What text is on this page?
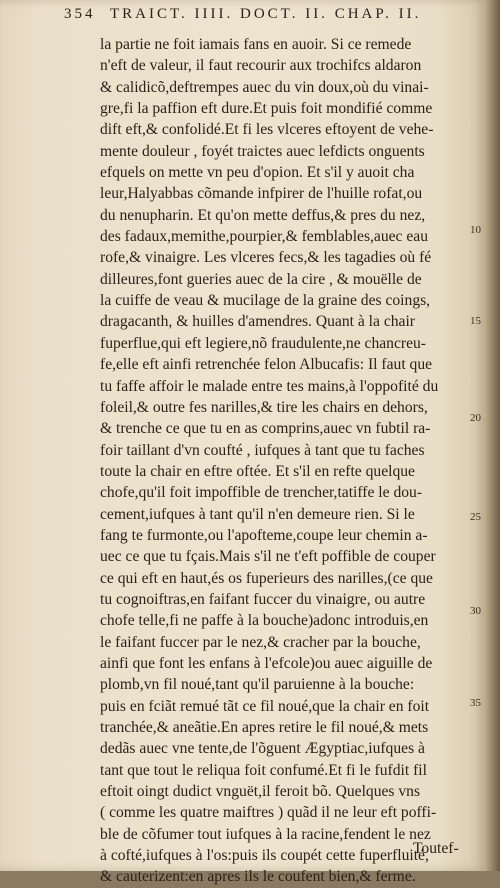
354 TRAICT. IIII. DOCT. II. CHAP. II.
la partie ne foit iamais fans en auoir. Si ce remede
n'eft de valeur, il faut recourir aux trochifcs aldaron
& calidicõ,deftrempes auec du vin doux,où du vinai-
gre,fi la paffion eft dure.Et puis foit mondifié comme
dift eft,& confolidé.Et fi les vlceres eftoyent de vehe-
mente douleur , foyét traictes auec lefdicts onguents
efquels on mette vn peu d'opion. Et s'il y auoit cha
leur,Halyabbas cõmande infpirer de l'huille rofat,ou
du nenupharin. Et qu'on mette deffus,& pres du nez,
des fadaux,memithe,pourpier,& femblables,auec eau
rofe,& vinaigre. Les vlceres fecs,& les tagadies où fé
dilleures,font gueries auec de la cire , & mouëlle de
la cuiffe de veau & mucilage de la graine des coings,
dragacanth, & huilles d'amendres. Quant à la chair
fuperflue,qui eft legiere,nõ fraudulente,ne chancreu-
fe,elle eft ainfi retrenchée felon Albucafis: Il faut que
tu faffe affoir le malade entre tes mains,à l'oppofité du
foleil,& outre fes narilles,& tire les chairs en dehors,
& trenche ce que tu en as comprins,auec vn fubtil ra-
foir taillant d'vn coufté , iufques à tant que tu faches
toute la chair en eftre oftée. Et s'il en refte quelque
chofe,qu'il foit impoffible de trencher,tatiffe le dou-
cement,iufques à tant qu'il n'en demeure rien. Si le
fang te furmonte,ou l'apofteme,coupe leur chemin a-
uec ce que tu fçais.Mais s'il ne t'eft poffible de couper
ce qui eft en haut,és os fuperieurs des narilles,(ce que
tu cognoiftras,en faifant fuccer du vinaigre, ou autre
chofe telle,fi ne paffe à la bouche)adonc introduis,en
le faifant fuccer par le nez,& cracher par la bouche,
ainfi que font les enfans à l'efcole)ou auec aiguille de
plomb,vn fil noué,tant qu'il paruienne à la bouche:
puis en fciãt remué tãt ce fil noué,que la chair en foit
tranchée,& aneãtie.En apres retire le fil noué,& mets
dedãs auec vne tente,de l'õguent Ægyptiac,iufques à
tant que tout le reliqua foit confumé.Et fi le fufdit fil
eftoit oingt dudict vnguët,il feroit bõ. Quelques vns
( comme les quatre maiftres ) quãd il ne leur eft poffi-
ble de cõfumer tout iufques à la racine,fendent le nez
à cofté,iufques à l'os:puis ils coupét cette fuperfluité,
& cauterizent:en apres ils le coufent bien,& ferme.
Toutef-
10
15
20
25
30
35
